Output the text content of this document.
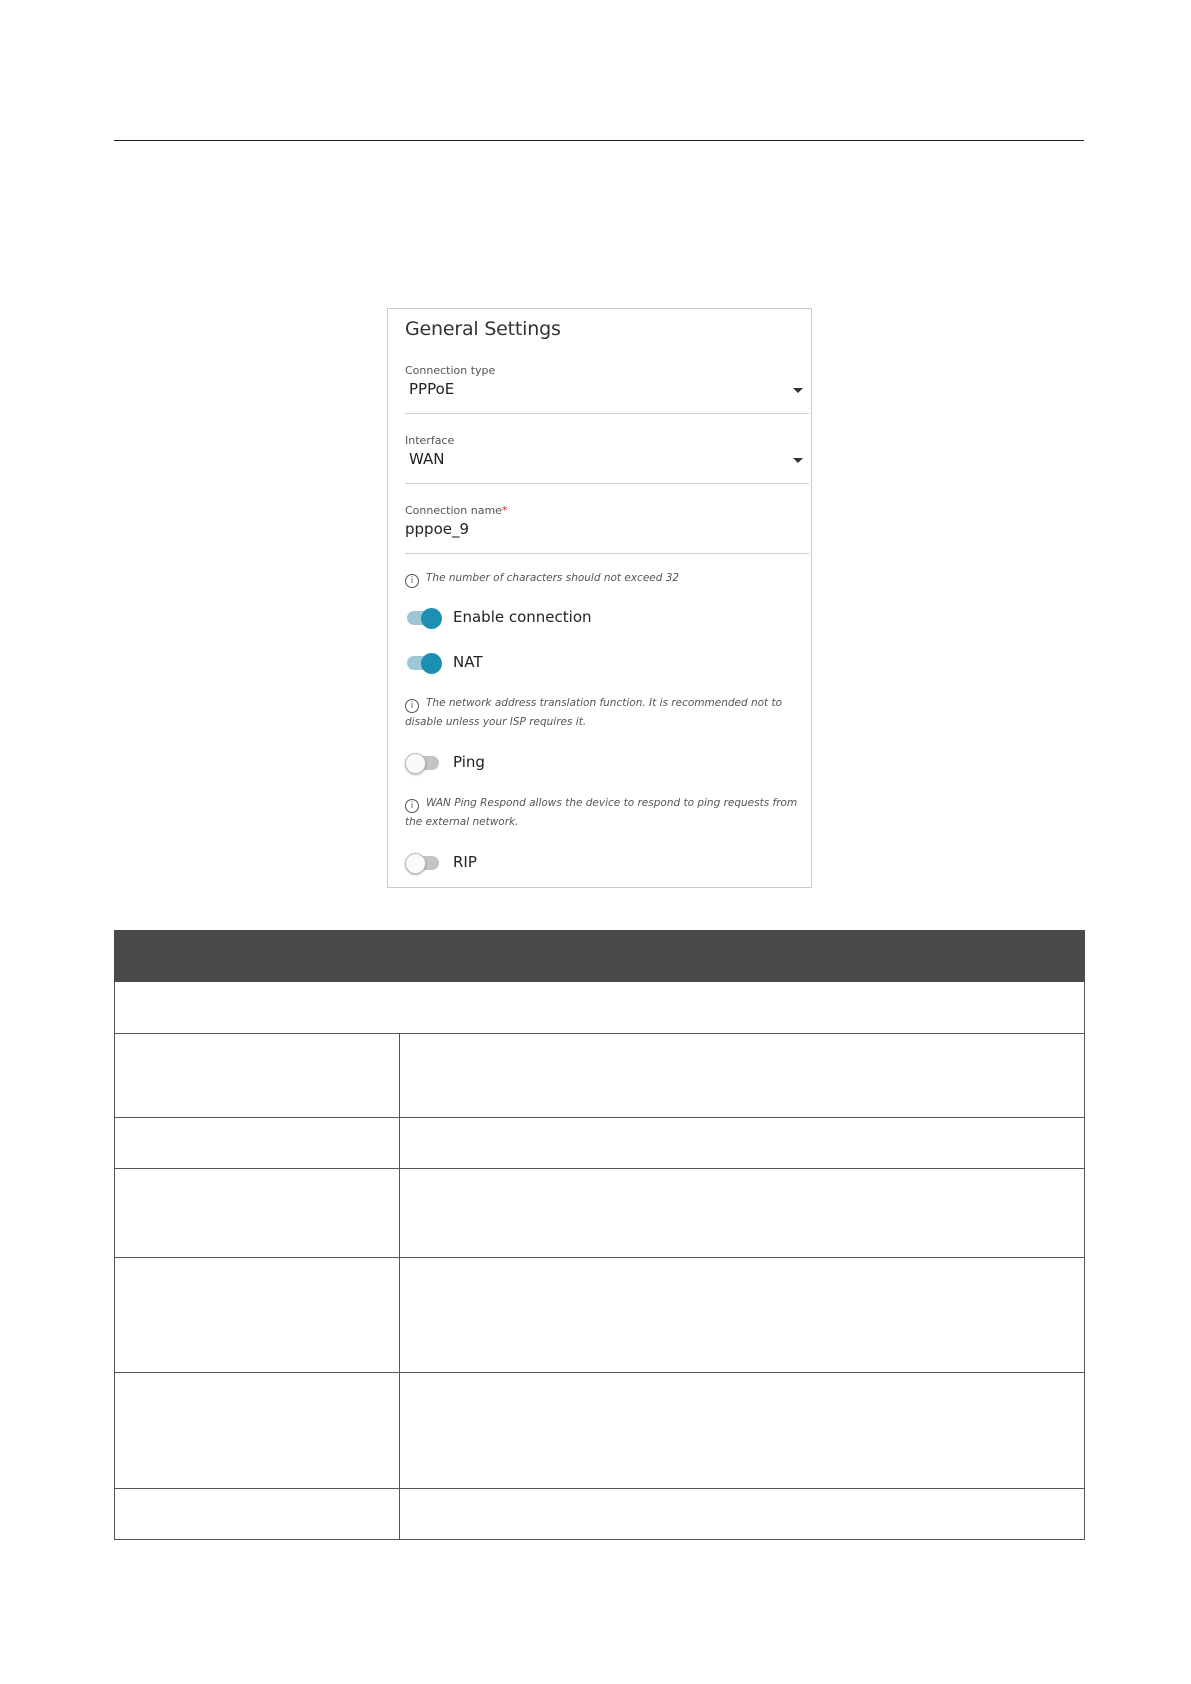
General Settings
Connection type
PPPoE
Interface
WAN
Connection name*
pppoe_9
i The number of characters should not exceed 32
Enable connection
NAT
i The network address translation function. It is recommended not to disable unless your ISP requires it.
Ping
i WAN Ping Respond allows the device to respond to ping requests from the external network.
RIP
